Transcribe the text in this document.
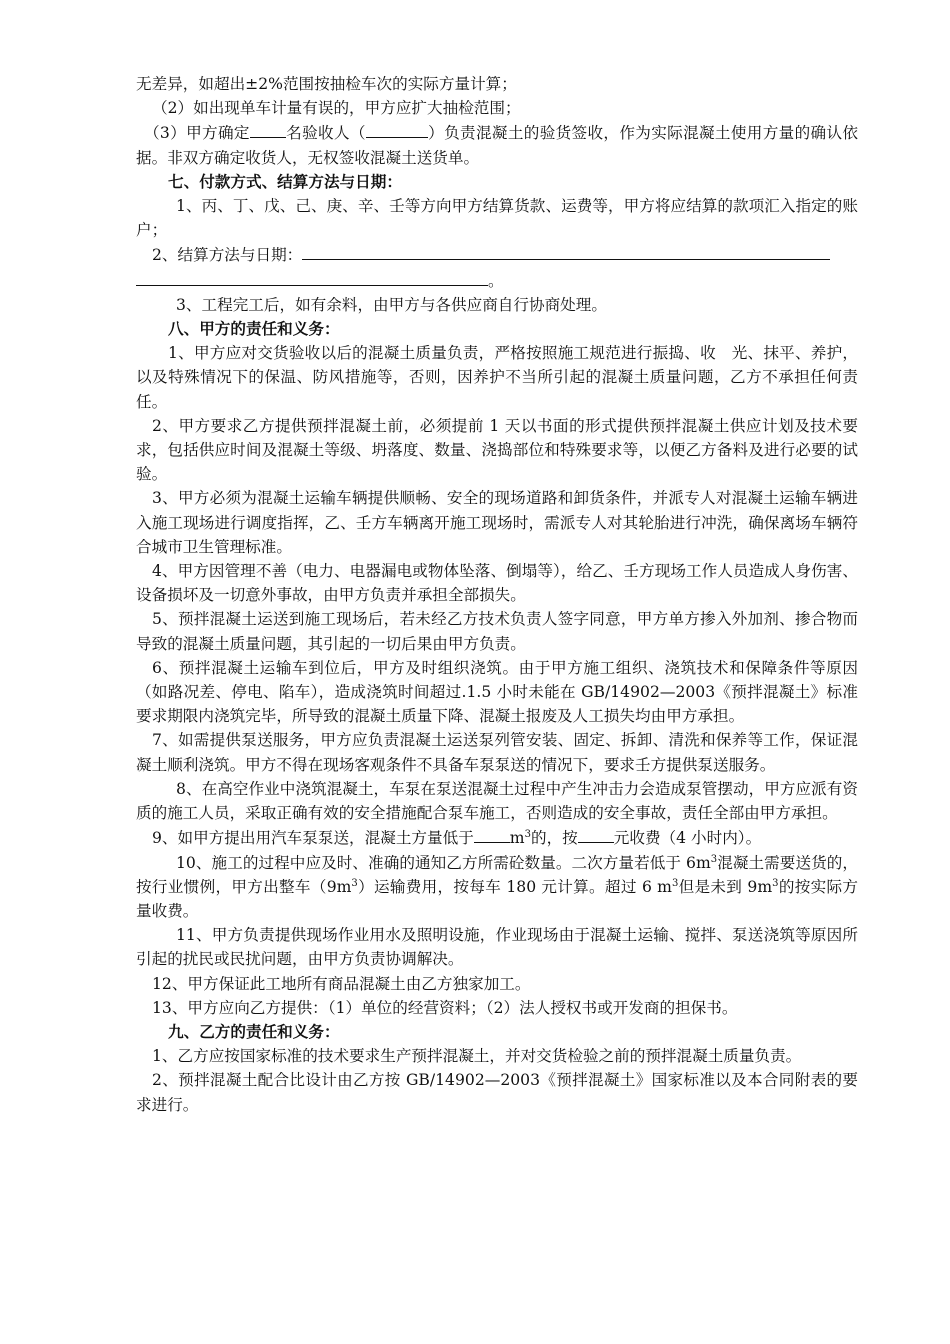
无差异，如超出±2%范围按抽检车次的实际方量计算；

（2）如出现单车计量有误的，甲方应扩大抽检范围；

（3）甲方确定 名验收人（	）负责混凝土的验货签收，作为实际混凝土使用方量的确认依据。非双方确定收货人，无权签收混凝土送货单。

七、付款方式、结算方法与日期：

1、丙、丁、戊、己、庚、辛、壬等方向甲方结算货款、运费等，甲方将应结算的款项汇入指定的账户；

2、结算方法与日期：
。

3、工程完工后，如有余料，由甲方与各供应商自行协商处理。

八、甲方的责任和义务：

1、甲方应对交货验收以后的混凝土质量负责，严格按照施工规范进行振捣、收　光、抹平、养护，以及特殊情况下的保温、防风措施等，否则，因养护不当所引起的混凝土质量问题，乙方不承担任何责任。

2、甲方要求乙方提供预拌混凝土前，必须提前 1 天以书面的形式提供预拌混凝土供应计划及技术要求，包括供应时间及混凝土等级、坍落度、数量、浇捣部位和特殊要求等，以便乙方备料及进行必要的试验。

3、甲方必须为混凝土运输车辆提供顺畅、安全的现场道路和卸货条件，并派专人对混凝土运输车辆进入施工现场进行调度指挥，乙、壬方车辆离开施工现场时，需派专人对其轮胎进行冲洗，确保离场车辆符合城市卫生管理标准。

4、甲方因管理不善（电力、电器漏电或物体坠落、倒塌等），给乙、壬方现场工作人员造成人身伤害、设备损坏及一切意外事故，由甲方负责并承担全部损失。

5、预拌混凝土运送到施工现场后，若未经乙方技术负责人签字同意，甲方单方掺入外加剂、掺合物而导致的混凝土质量问题，其引起的一切后果由甲方负责。

6、预拌混凝土运输车到位后，甲方及时组织浇筑。由于甲方施工组织、浇筑技术和保障条件等原因（如路况差、停电、陷车），造成浇筑时间超过.1.5 小时未能在 GB/14902—2003《预拌混凝土》标准要求期限内浇筑完毕，所导致的混凝土质量下降、混凝土报废及人工损失均由甲方承担。

7、如需提供泵送服务，甲方应负责混凝土运送泵列管安装、固定、拆卸、清洗和保养等工作，保证混凝土顺利浇筑。甲方不得在现场客观条件不具备车泵泵送的情况下，要求壬方提供泵送服务。

8、在高空作业中浇筑混凝土，车泵在泵送混凝土过程中产生冲击力会造成泵管摆动，甲方应派有资质的施工人员，采取正确有效的安全措施配合泵车施工，否则造成的安全事故，责任全部由甲方承担。

9、如甲方提出用汽车泵泵送，混凝土方量低于 $m^3$的，按 元收费（4 小时内）。

10、施工的过程中应及时、准确的通知乙方所需砼数量。二次方量若低于 $6m^3$混凝土需要送货的，按行业惯例，甲方出整车$(9m^3)$运输费用，按每车 180 元计算。超过 6 $m^3$但是未到 $9m^3$的按实际方量收费。

11、甲方负责提供现场作业用水及照明设施，作业现场由于混凝土运输、搅拌、泵送浇筑等原因所引起的扰民或民扰问题，由甲方负责协调解决。

12、甲方保证此工地所有商品混凝土由乙方独家加工。

13、甲方应向乙方提供：（1）单位的经营资料；（2）法人授权书或开发商的担保书。

九、乙方的责任和义务：

1、乙方应按国家标准的技术要求生产预拌混凝土，并对交货检验之前的预拌混凝土质量负责。

2、预拌混凝土配合比设计由乙方按 GB/14902—2003《预拌混凝土》国家标准以及本合同附表的要求进行。
